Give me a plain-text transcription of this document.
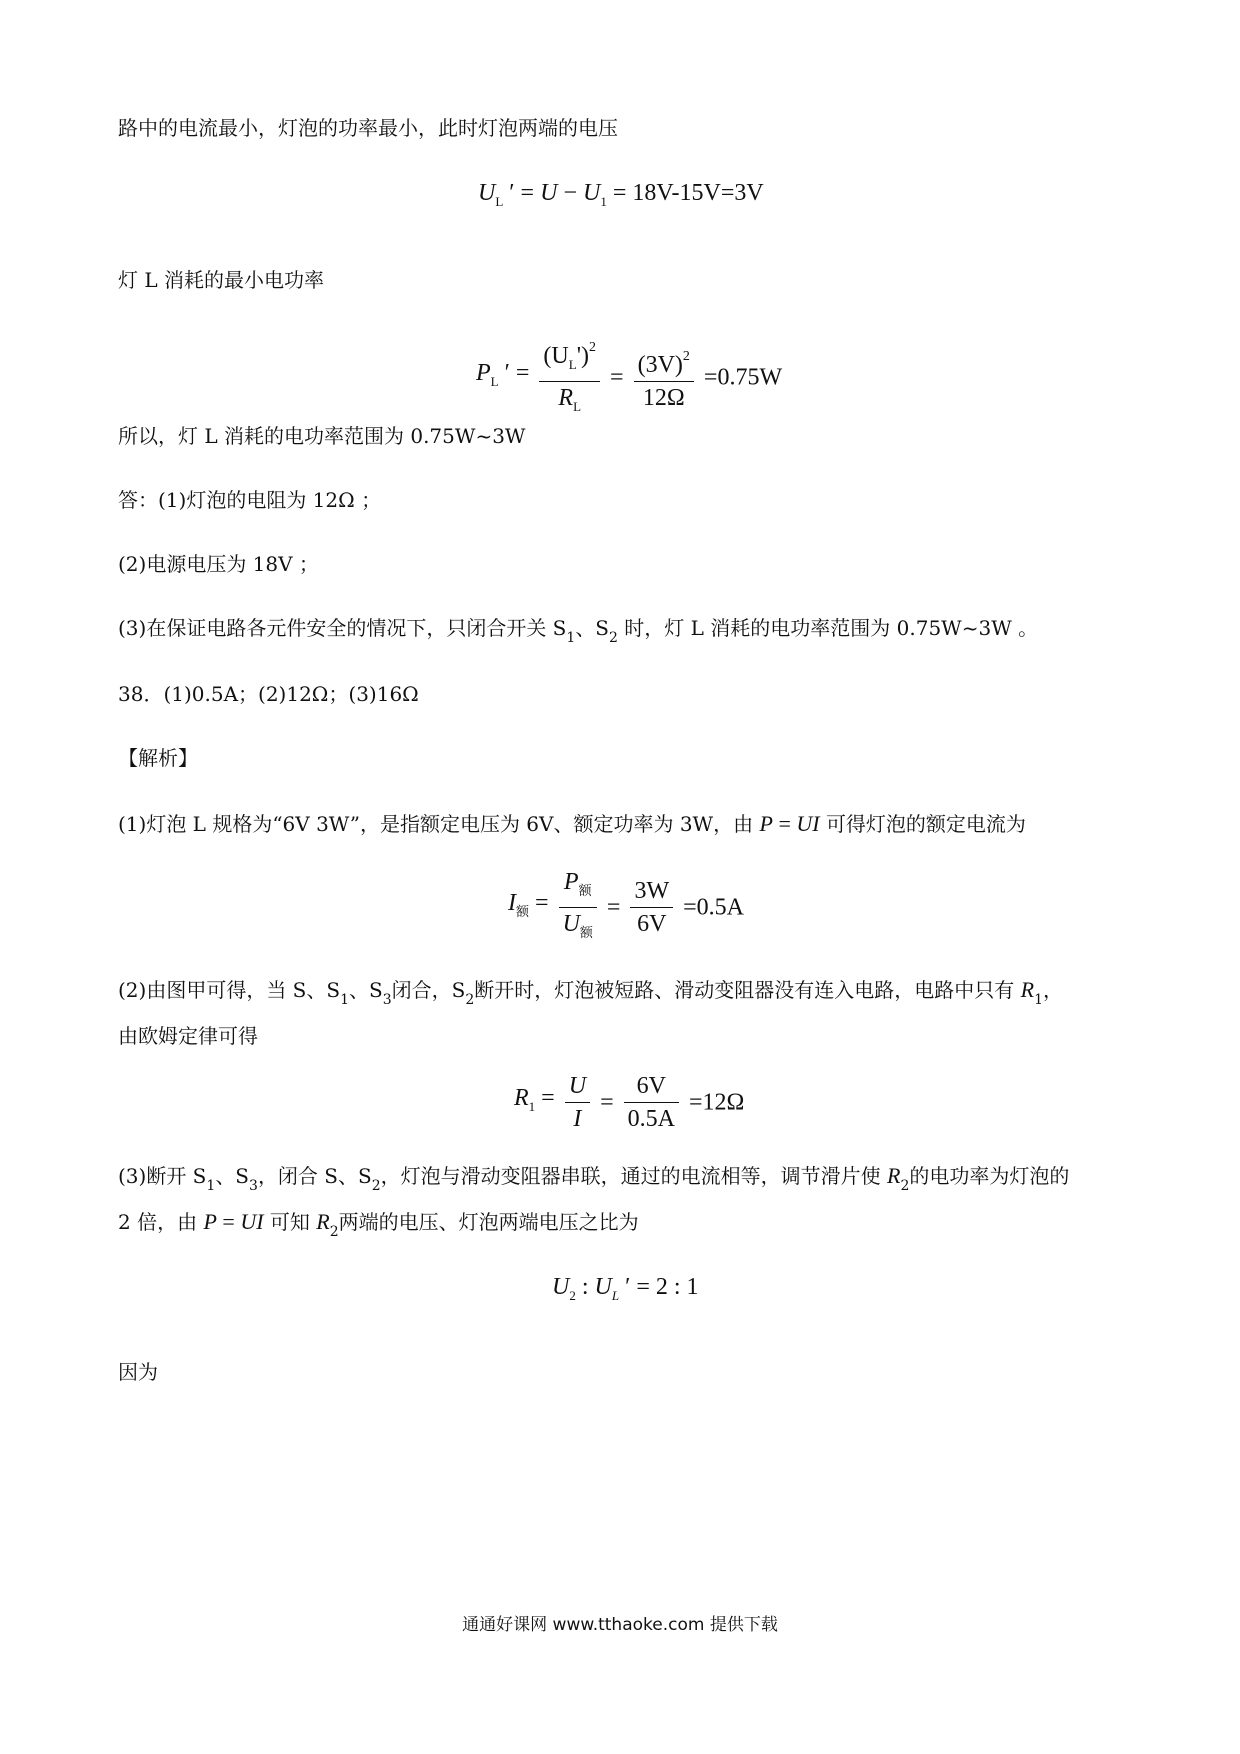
路中的电流最小，灯泡的功率最小，此时灯泡两端的电压
$U_L$ ′ = $U - U_1 = 18V-15V=3V$
灯 L 消耗的最小电功率
$P_L$ ′ = $\frac{(U_L')^2}{R_L} = \frac{(3V)^2}{12\Omega} =0.75W$
所以，灯 L 消耗的电功率范围为 0.75W~3W
答：(1)灯泡的电阻为 12Ω ；
(2)电源电压为 18V ；
(3)在保证电路各元件安全的情况下，只闭合开关 $S_1$、$S_2$ 时，灯 L 消耗的电功率范围为 0.75W~3W 。
38．(1)0.5A；(2)12Ω；(3)16Ω
【解析】
(1)灯泡 L 规格为“6V 3W”，是指额定电压为 6V、额定功率为 3W，由 P = UI 可得灯泡的额定电流为
$I_额 = \frac{P_额}{U_额} = \frac{3W}{6V} =0.5A$
(2)由图甲可得，当 S、$S_1$、$S_3$闭合，$S_2$断开时，灯泡被短路、滑动变阻器没有连入电路，电路中只有 $R_1$，
由欧姆定律可得
$R_1 = \frac{U}{I} = \frac{6V}{0.5A} =12\Omega$
(3)断开 $S_1$、$S_3$，闭合 S、$S_2$，灯泡与滑动变阻器串联，通过的电流相等，调节滑片使 $R_2$的电功率为灯泡的
2 倍，由 P = UI 可知 $R_2$两端的电压、灯泡两端电压之比为
$U_2$ : $U_L$ ′ = 2 : 1
因为
通通好课网 www.tthaoke.com 提供下载
